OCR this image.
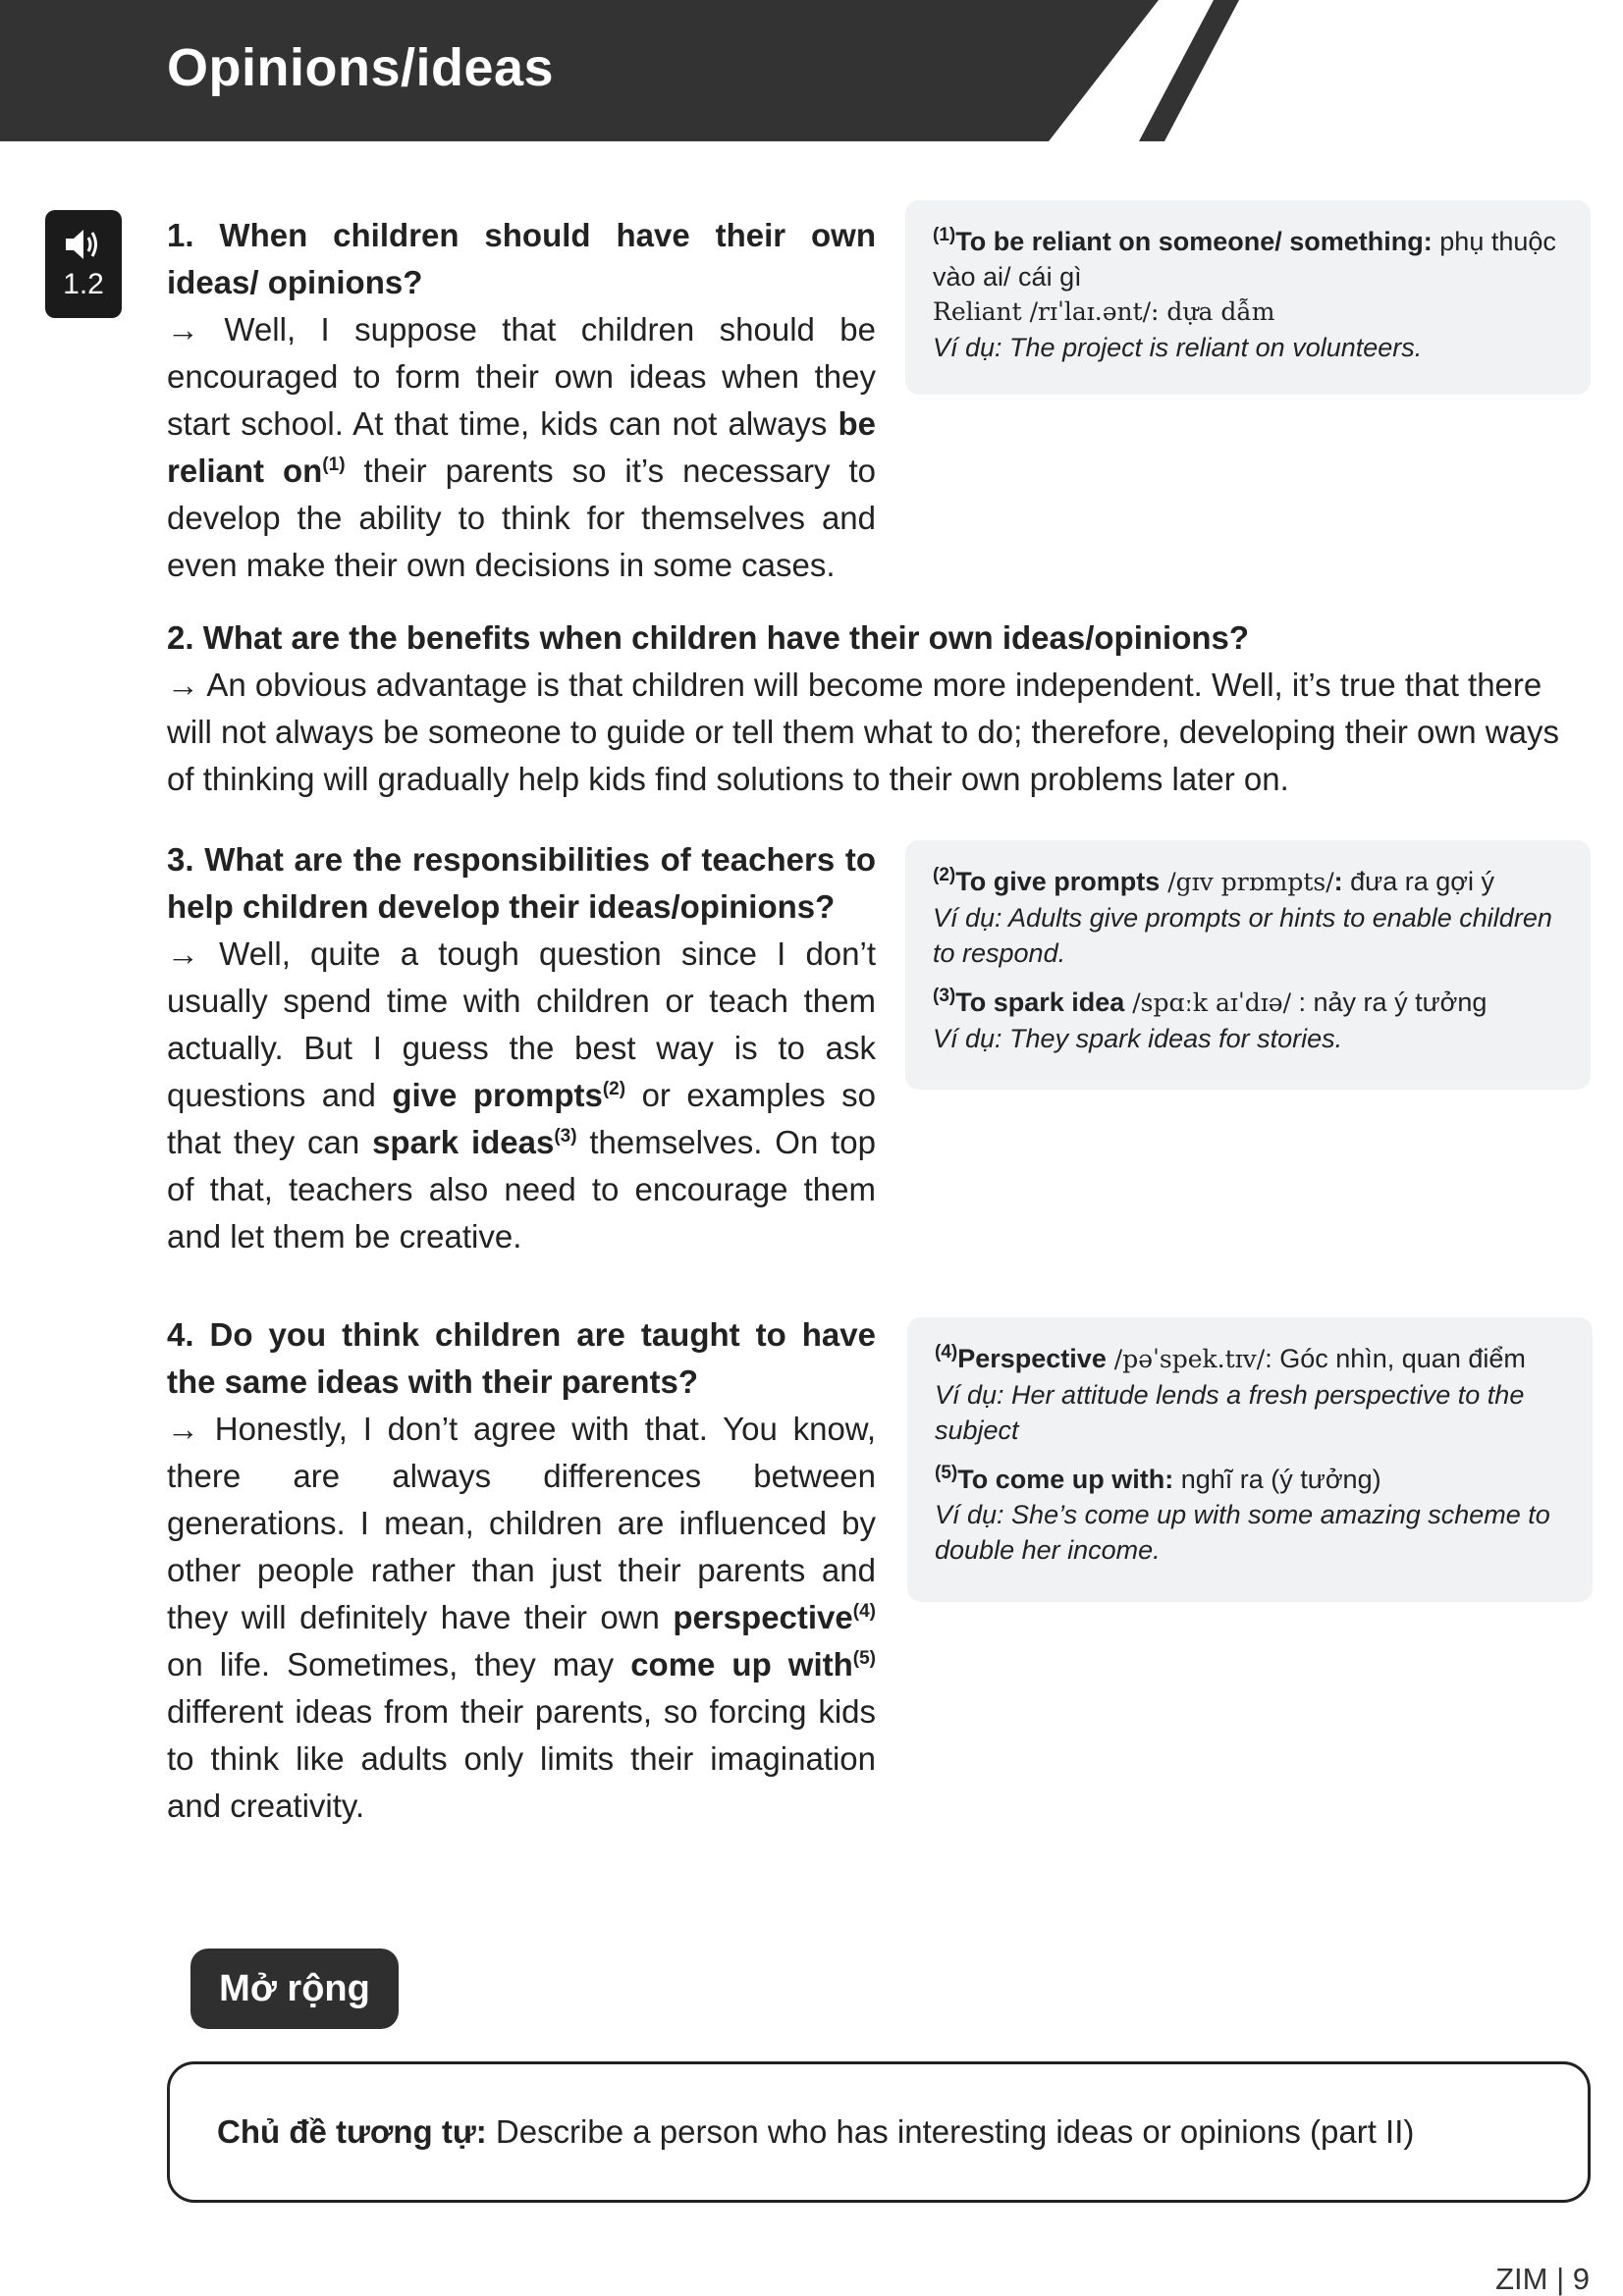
Opinions/ideas
1.2
1. When children should have their own ideas/ opinions?
→ Well, I suppose that children should be encouraged to form their own ideas when they start school. At that time, kids can not always be reliant $on^{(1)}$ their parents so it’s necessary to develop the ability to think for themselves and even make their own decisions in some cases.
$^{(1)}$To be reliant on someone/ something: phụ thuộc vào ai/ cái gì
Reliant /rɪˈlaɪ.ənt/: dựa dẫm
Ví dụ: The project is reliant on volunteers.
2. What are the benefits when children have their own ideas/opinions?
→ An obvious advantage is that children will become more independent. Well, it’s true that there will not always be someone to guide or tell them what to do; therefore, developing their own ways of thinking will gradually help kids find solutions to their own problems later on.
3. What are the responsibilities of teachers to help children develop their ideas/opinions?
→ Well, quite a tough question since I don’t usually spend time with children or teach them actually. But I guess the best way is to ask questions and give prompts$^{(2)}$ or examples so that they can spark ideas$^{(3)}$ themselves. On top of that, teachers also need to encourage them and let them be creative.
$^{(2)}$To give prompts /gɪv prɒmpts/: đưa ra gợi ý
Ví dụ: Adults give prompts or hints to enable children to respond.
$^{(3)}$To spark idea /spɑːk aɪˈdɪə/ : nảy ra ý tưởng
Ví dụ: They spark ideas for stories.
4. Do you think children are taught to have the same ideas with their parents?
→ Honestly, I don’t agree with that. You know, there are always differences between generations. I mean, children are influenced by other people rather than just their parents and they will definitely have their own perspective$^{(4)}$ on life. Sometimes, they may come up with$^{(5)}$ different ideas from their parents, so forcing kids to think like adults only limits their imagination and creativity.
$^{(4)}$Perspective /pəˈspek.tɪv/: Góc nhìn, quan điểm
Ví dụ: Her attitude lends a fresh perspective to the subject
$^{(5)}$To come up with: nghĩ ra (ý tưởng)
Ví dụ: She’s come up with some amazing scheme to double her income.
Mở rộng
Chủ đề tương tự: Describe a person who has interesting ideas or opinions (part II)
ZIM | 9
